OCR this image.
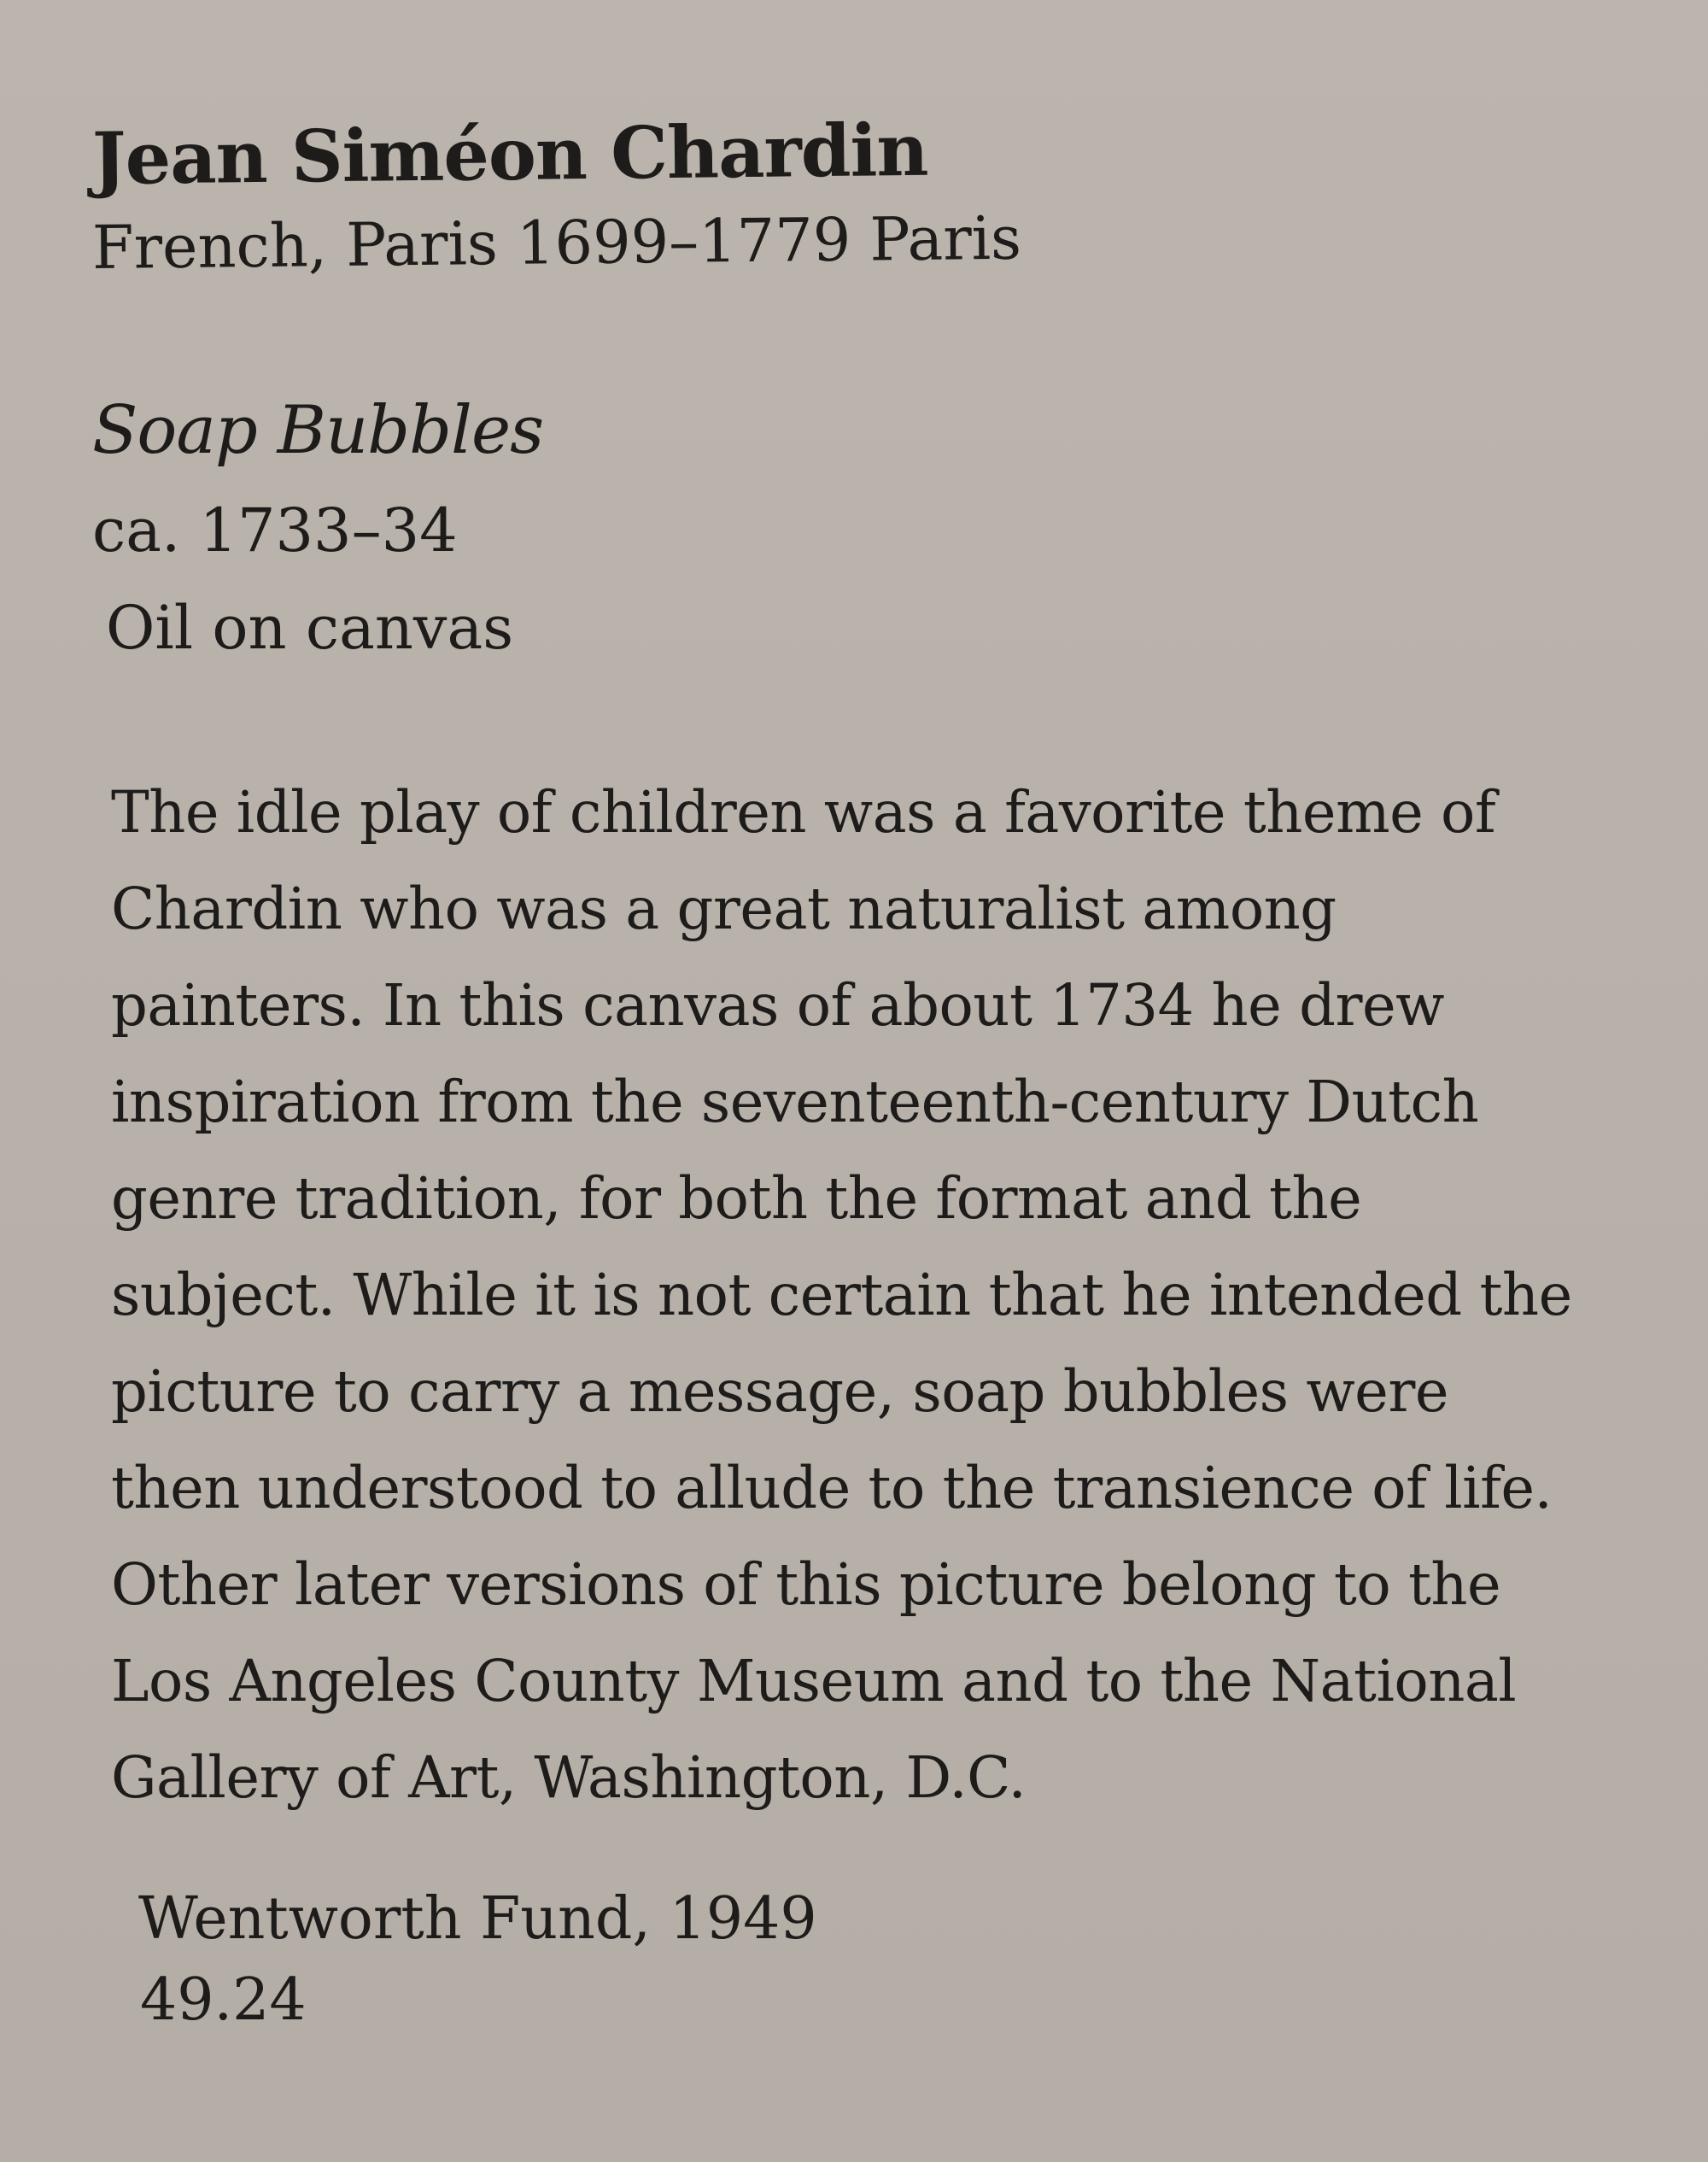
Jean Siméon Chardin
French, Paris 1699–1779 Paris
Soap Bubbles
ca. 1733–34
Oil on canvas
The idle play of children was a favorite theme of
Chardin who was a great naturalist among
painters. In this canvas of about 1734 he drew
inspiration from the seventeenth-century Dutch
genre tradition, for both the format and the
subject. While it is not certain that he intended the
picture to carry a message, soap bubbles were
then understood to allude to the transience of life.
Other later versions of this picture belong to the
Los Angeles County Museum and to the National
Gallery of Art, Washington, D.C.
Wentworth Fund, 1949
49.24
